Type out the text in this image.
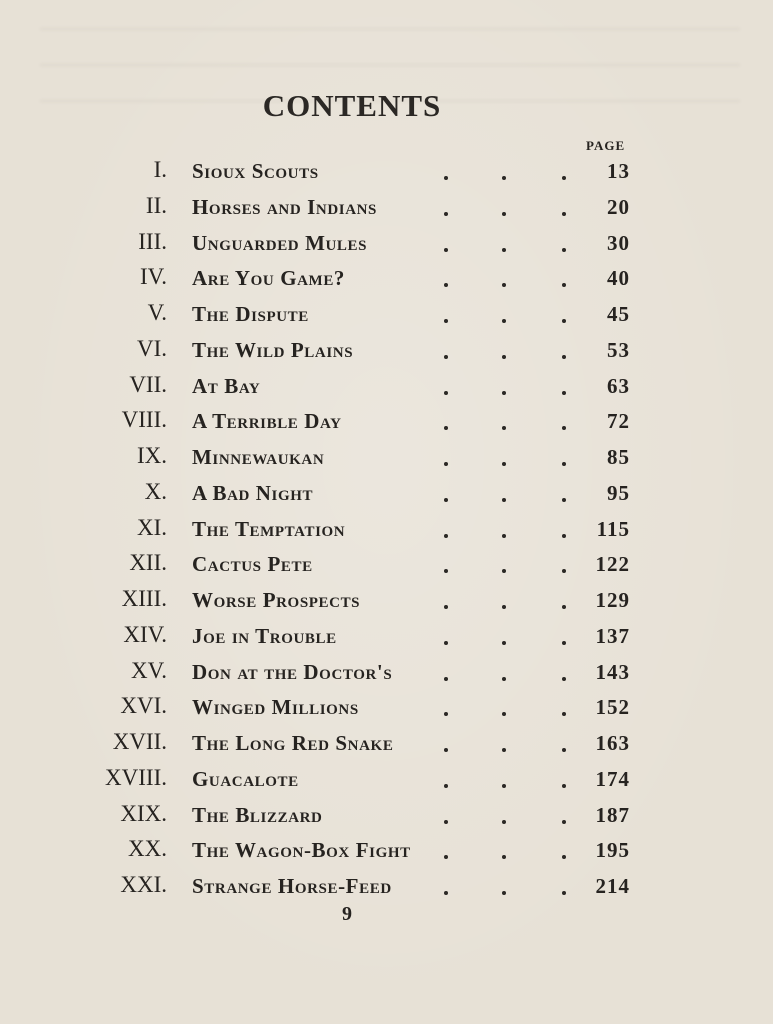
CONTENTS
PAGE
I. Sioux Scouts	13
II. Horses and Indians	20
III. Unguarded Mules	30
IV. Are You Game?	40
V. The Dispute	45
VI. The Wild Plains	53
VII. At Bay	63
VIII. A Terrible Day	72
IX. Minnewaukan	85
X. A Bad Night	95
XI. The Temptation	115
XII. Cactus Pete	122
XIII. Worse Prospects	129
XIV. Joe in Trouble	137
XV. Don at the Doctor's	143
XVI. Winged Millions	152
XVII. The Long Red Snake	163
XVIII. Guacalote	174
XIX. The Blizzard	187
XX. The Wagon-Box Fight	195
XXI. Strange Horse-Feed	214
9
